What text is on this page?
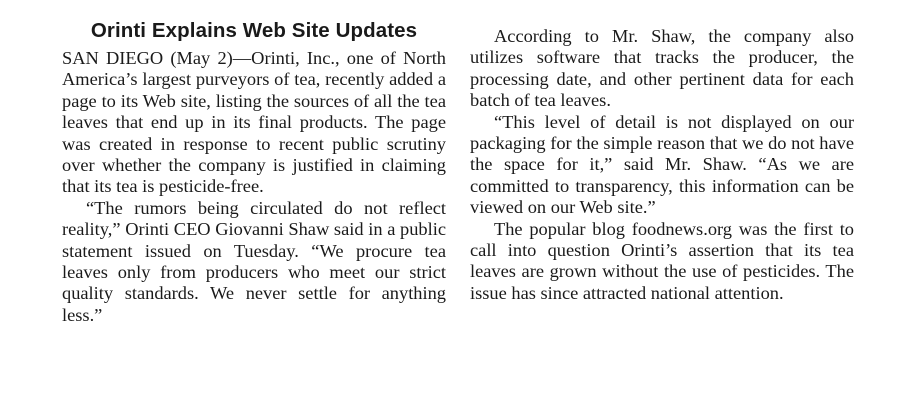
Orinti Explains Web Site Updates

SAN DIEGO (May 2)—Orinti, Inc., one of North America’s largest purveyors of tea, recently added a page to its Web site, listing the sources of all the tea leaves that end up in its final products. The page was created in response to recent public scrutiny over whether the company is justified in claiming that its tea is pesticide-free.

“The rumors being circulated do not reflect reality,” Orinti CEO Giovanni Shaw said in a public statement issued on Tuesday. “We procure tea leaves only from producers who meet our strict quality standards. We never settle for anything less.”

According to Mr. Shaw, the company also utilizes software that tracks the producer, the processing date, and other pertinent data for each batch of tea leaves.

“This level of detail is not displayed on our packaging for the simple reason that we do not have the space for it,” said Mr. Shaw. “As we are committed to transparency, this information can be viewed on our Web site.”

The popular blog foodnews.org was the first to call into question Orinti’s assertion that its tea leaves are grown without the use of pesticides. The issue has since attracted national attention.
